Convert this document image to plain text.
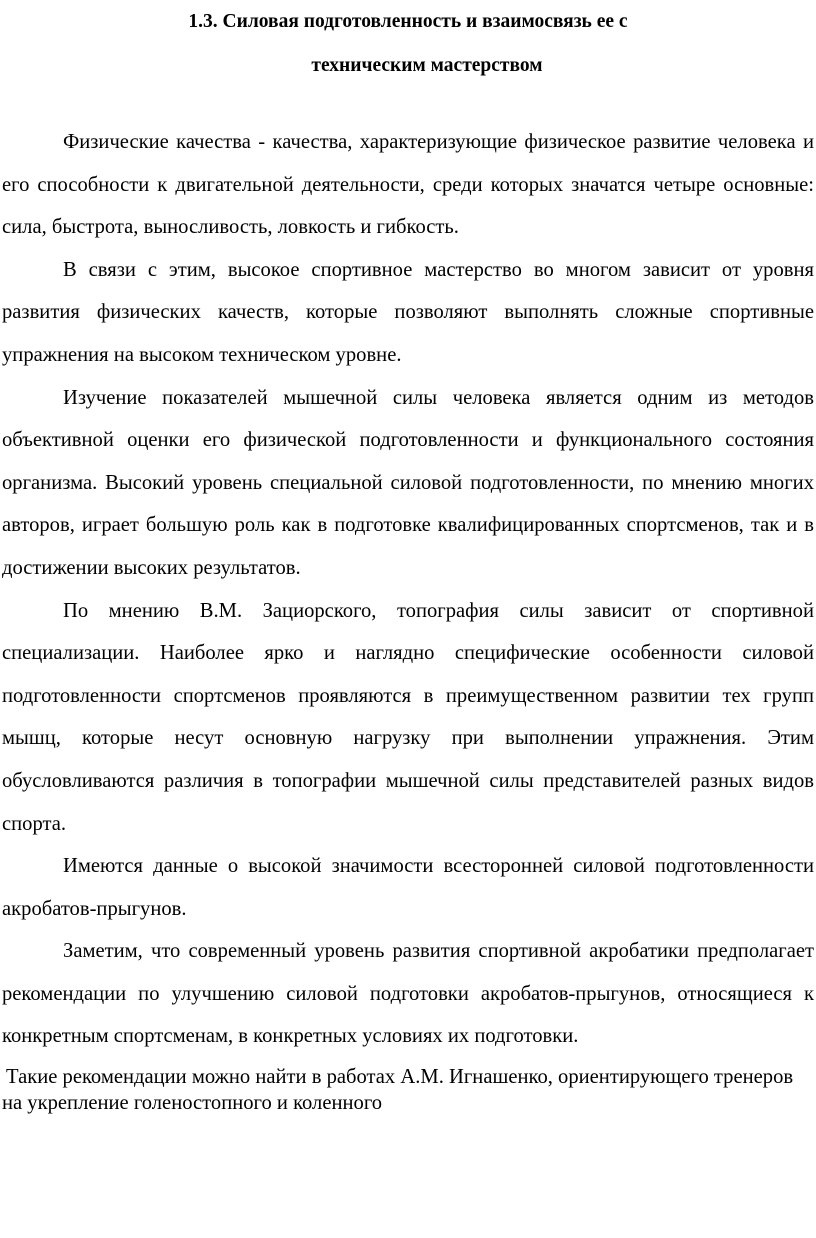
1.3. Силовая подготовленность и взаимосвязь ее с
техническим мастерством

Физические качества - качества, характеризующие физическое развитие человека и его способности к двигательной деятельности, среди которых значатся четыре основные: сила, быстрота, выносливость, ловкость и гибкость.

В связи с этим, высокое спортивное мастерство во многом зависит от уровня развития физических качеств, которые позволяют выполнять сложные спортивные упражнения на высоком техническом уровне.

Изучение показателей мышечной силы человека является одним из методов объективной оценки его физической подготовленности и функционального состояния организма. Высокий уровень специальной силовой подготовленности, по мнению многих авторов, играет большую роль как в подготовке квалифицированных спортсменов, так и в достижении высоких результатов.

По мнению В.М. Зациорского, топография силы зависит от спортивной специализации. Наиболее ярко и наглядно специфические особенности силовой подготовленности спортсменов проявляются в преимущественном развитии тех групп мышц, которые несут основную нагрузку при выполнении упражнения. Этим обусловливаются различия в топографии мышечной силы представителей разных видов спорта.

Имеются данные о высокой значимости всесторонней силовой подготовленности акробатов-прыгунов.

Заметим, что современный уровень развития спортивной акробатики предполагает рекомендации по улучшению силовой подготовки акробатов-прыгунов, относящиеся к конкретным спортсменам, в конкретных условиях их подготовки.

Такие рекомендации можно найти в работах А.М. Игнашенко, ориентирующего тренеров на укрепление голеностопного и коленного
